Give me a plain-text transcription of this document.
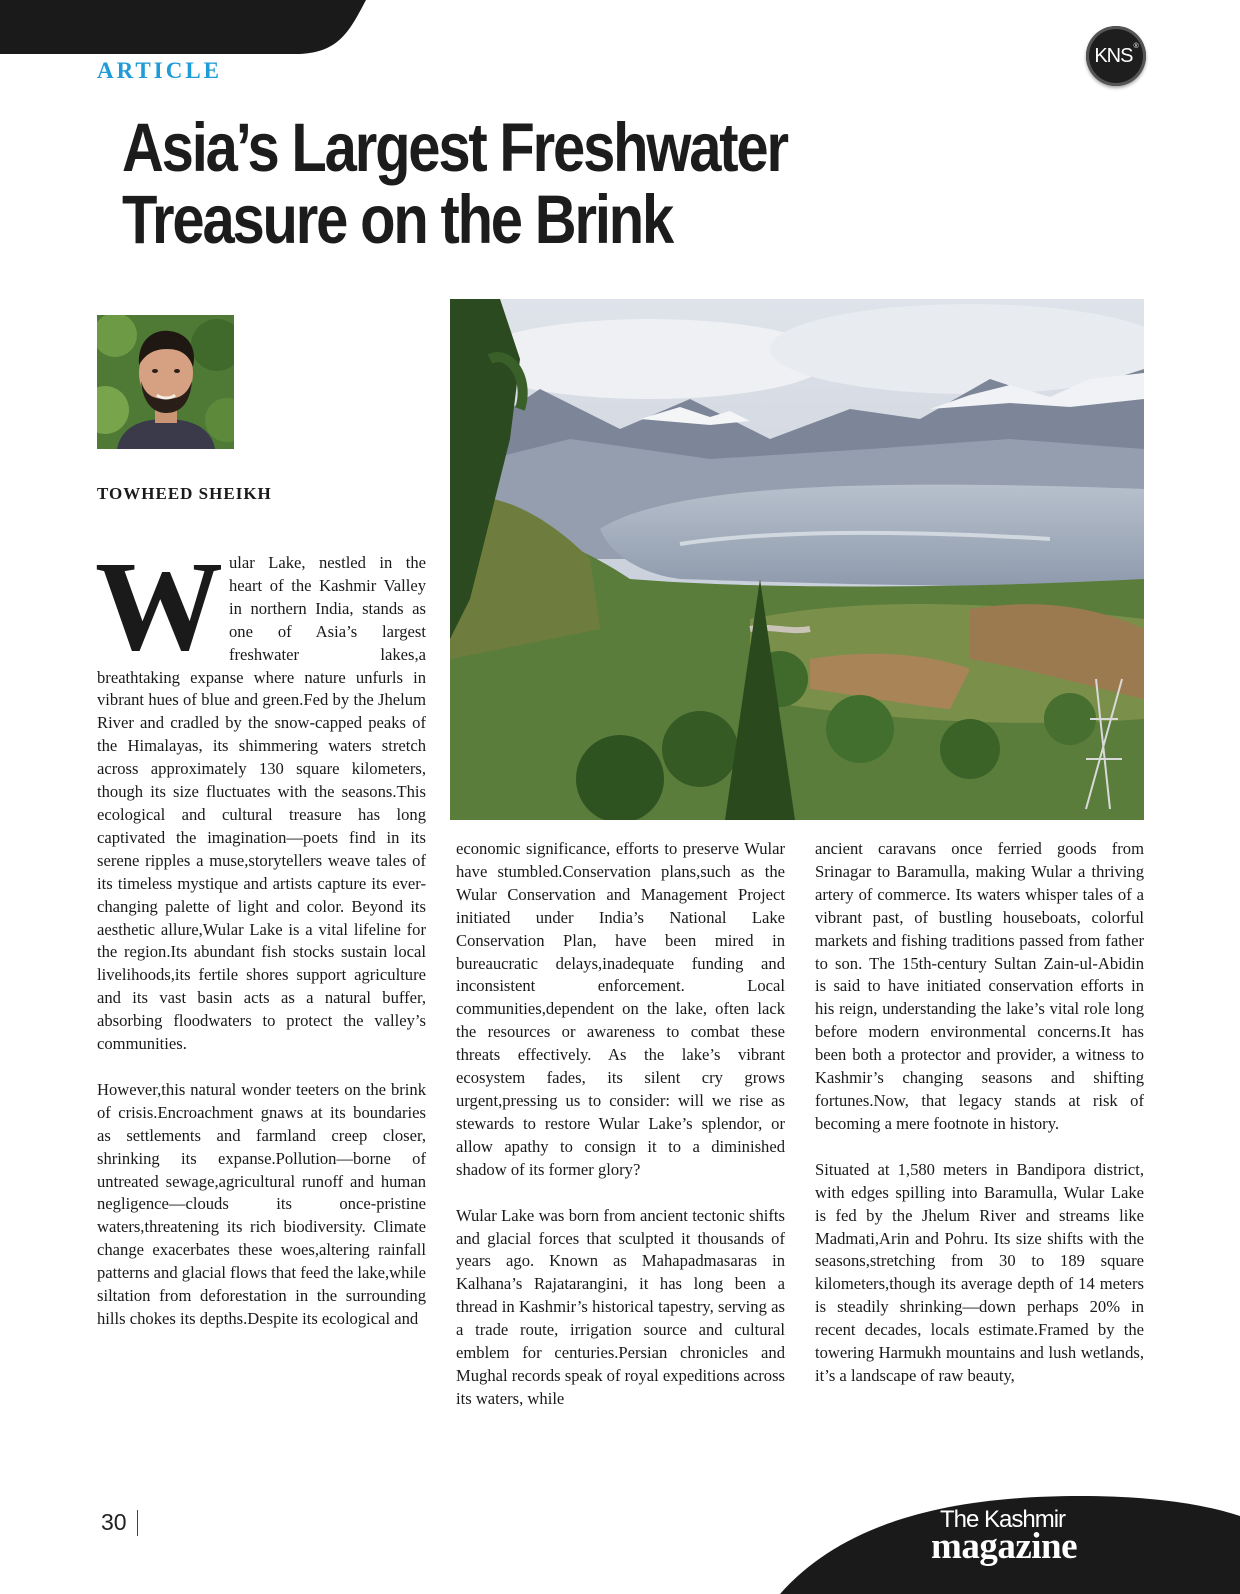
ARTICLE
KNS®
Asia’s Largest Freshwater
Treasure on the Brink
TOWHEED SHEIKH

Wular Lake, nestled in the heart of the Kashmir Valley in northern India, stands as one of Asia’s largest freshwater lakes,a breathtaking expanse where nature unfurls in vibrant hues of blue and green.Fed by the Jhelum River and cradled by the snow-capped peaks of the Himalayas, its shimmering waters stretch across approximately 130 square kilometers, though its size fluctuates with the seasons.This ecological and cultural treasure has long captivated the imagination—poets find in its serene ripples a muse,storytellers weave tales of its timeless mystique and artists capture its ever-changing palette of light and color. Beyond its aesthetic allure,Wular Lake is a vital lifeline for the region.Its abundant fish stocks sustain local livelihoods,its fertile shores support agriculture and its vast basin acts as a natural buffer, absorbing floodwaters to protect the valley’s communities.

However,this natural wonder teeters on the brink of crisis.Encroachment gnaws at its boundaries as settlements and farmland creep closer, shrinking its expanse.Pollution—borne of untreated sewage,agricultural runoff and human negligence—clouds its once-pristine waters,threatening its rich biodiversity. Climate change exacerbates these woes,altering rainfall patterns and glacial flows that feed the lake,while siltation from deforestation in the surrounding hills chokes its depths.Despite its ecological and

economic significance, efforts to preserve Wular have stumbled.Conservation plans,such as the Wular Conservation and Management Project initiated under India’s National Lake Conservation Plan, have been mired in bureaucratic delays,inadequate funding and inconsistent enforcement. Local communities,dependent on the lake, often lack the resources or awareness to combat these threats effectively. As the lake’s vibrant ecosystem fades, its silent cry grows urgent,pressing us to consider: will we rise as stewards to restore Wular Lake’s splendor, or allow apathy to consign it to a diminished shadow of its former glory?

Wular Lake was born from ancient tectonic shifts and glacial forces that sculpted it thousands of years ago. Known as Mahapadmasaras in Kalhana’s Rajatarangini, it has long been a thread in Kashmir’s historical tapestry, serving as a trade route, irrigation source and cultural emblem for centuries.Persian chronicles and Mughal records speak of royal expeditions across its waters, while

ancient caravans once ferried goods from Srinagar to Baramulla, making Wular a thriving artery of commerce. Its waters whisper tales of a vibrant past, of bustling houseboats, colorful markets and fishing traditions passed from father to son. The 15th-century Sultan Zain-ul-Abidin is said to have initiated conservation efforts in his reign, understanding the lake’s vital role long before modern environmental concerns.It has been both a protector and provider, a witness to Kashmir’s changing seasons and shifting fortunes.Now, that legacy stands at risk of becoming a mere footnote in history.

Situated at 1,580 meters in Bandipora district, with edges spilling into Baramulla, Wular Lake is fed by the Jhelum River and streams like Madmati,Arin and Pohru. Its size shifts with the seasons,stretching from 30 to 189 square kilometers,though its average depth of 14 meters is steadily shrinking—down perhaps 20% in recent decades, locals estimate.Framed by the towering Harmukh mountains and lush wetlands, it’s a landscape of raw beauty,

30	The Kashmir
magazine
